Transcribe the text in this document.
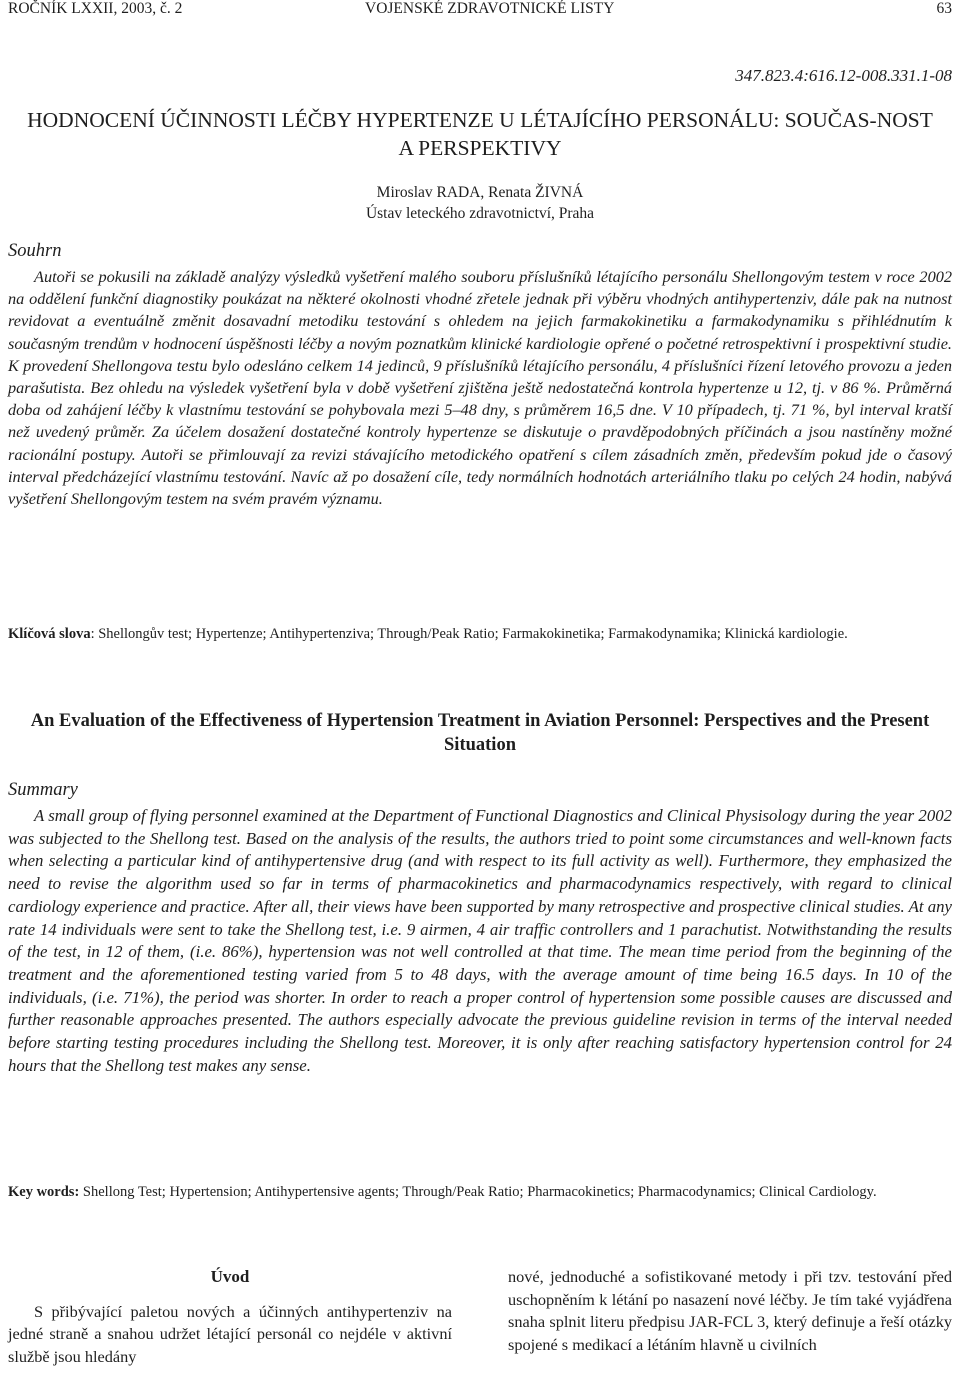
ROČNÍK LXXII, 2003, č. 2	VOJENSKÉ ZDRAVOTNICKÉ LISTY	63
347.823.4:616.12-008.331.1-08
HODNOCENÍ ÚČINNOSTI LÉČBY HYPERTENZE U LÉTAJÍCÍHO PERSONÁLU: SOUČAS-NOST A PERSPEKTIVY
Miroslav RADA, Renata ŽIVNÁ
Ústav leteckého zdravotnictví, Praha
Souhrn

Autoři se pokusili na základě analýzy výsledků vyšetření malého souboru příslušníků létajícího personálu Shellongovým testem v roce 2002 na oddělení funkční diagnostiky poukázat na některé okolnosti vhodné zřetele jednak při výběru vhodných antihypertenziv, dále pak na nutnost revidovat a eventuálně změnit dosavadní metodiku testování s ohledem na jejich farmakokinetiku a farmakodynamiku s přihlédnutím k současným trendům v hodnocení úspěšnosti léčby a novým poznatkům klinické kardiologie opřené o početné retrospektivní i prospektivní studie. K provedení Shellongova testu bylo odesláno celkem 14 jedinců, 9 příslušníků létajícího personálu, 4 příslušníci řízení letového provozu a jeden parašutista. Bez ohledu na výsledek vyšetření byla v době vyšetření zjištěna ještě nedostatečná kontrola hypertenze u 12, tj. v 86 %. Průměrná doba od zahájení léčby k vlastnímu testování se pohybovala mezi 5–48 dny, s průměrem 16,5 dne. V 10 případech, tj. 71 %, byl interval kratší než uvedený průměr. Za účelem dosažení dostatečné kontroly hypertenze se diskutuje o pravděpodobných příčinách a jsou nastíněny možné racionální postupy. Autoři se přimlouvají za revizi stávajícího metodického opatření s cílem zásadních změn, především pokud jde o časový interval předcházející vlastnímu testování. Navíc až po dosažení cíle, tedy normálních hodnotách arteriálního tlaku po celých 24 hodin, nabývá vyšetření Shellongovým testem na svém pravém významu.

Klíčová slova: Shellongův test; Hypertenze; Antihypertenziva; Through/Peak Ratio; Farmakokinetika; Farmakodynamika; Klinická kardiologie.

An Evaluation of the Effectiveness of Hypertension Treatment in Aviation Personnel: Perspectives and the Present Situation
Summary

A small group of flying personnel examined at the Department of Functional Diagnostics and Clinical Physisology during the year 2002 was subjected to the Shellong test. Based on the analysis of the results, the authors tried to point some circumstances and well-known facts when selecting a particular kind of antihypertensive drug (and with respect to its full activity as well). Furthermore, they emphasized the need to revise the algorithm used so far in terms of pharmacokinetics and pharmacodynamics respectively, with regard to clinical cardiology experience and practice. After all, their views have been supported by many retrospective and prospective clinical studies. At any rate 14 individuals were sent to take the Shellong test, i.e. 9 airmen, 4 air traffic controllers and 1 parachutist. Notwithstanding the results of the test, in 12 of them, (i.e. 86%), hypertension was not well controlled at that time. The mean time period from the beginning of the treatment and the aforementioned testing varied from 5 to 48 days, with the average amount of time being 16.5 days. In 10 of the individuals, (i.e. 71%), the period was shorter. In order to reach a proper control of hypertension some possible causes are discussed and further reasonable approaches presented. The authors especially advocate the previous guideline revision in terms of the interval needed before starting testing procedures including the Shellong test. Moreover, it is only after reaching satisfactory hypertension control for 24 hours that the Shellong test makes any sense.

Key words: Shellong Test; Hypertension; Antihypertensive agents; Through/Peak Ratio; Pharmacokinetics; Pharmacodynamics; Clinical Cardiology.

Úvod

S přibývající paletou nových a účinných antihypertenziv na jedné straně a snahou udržet létající personál co nejdéle v aktivní službě jsou hledány

nové, jednoduché a sofistikované metody i při tzv. testování před uschopněním k létání po nasazení nové léčby. Je tím také vyjádřena snaha splnit literu předpisu JAR-FCL 3, který definuje a řeší otázky spojené s medikací a létáním hlavně u civilních
